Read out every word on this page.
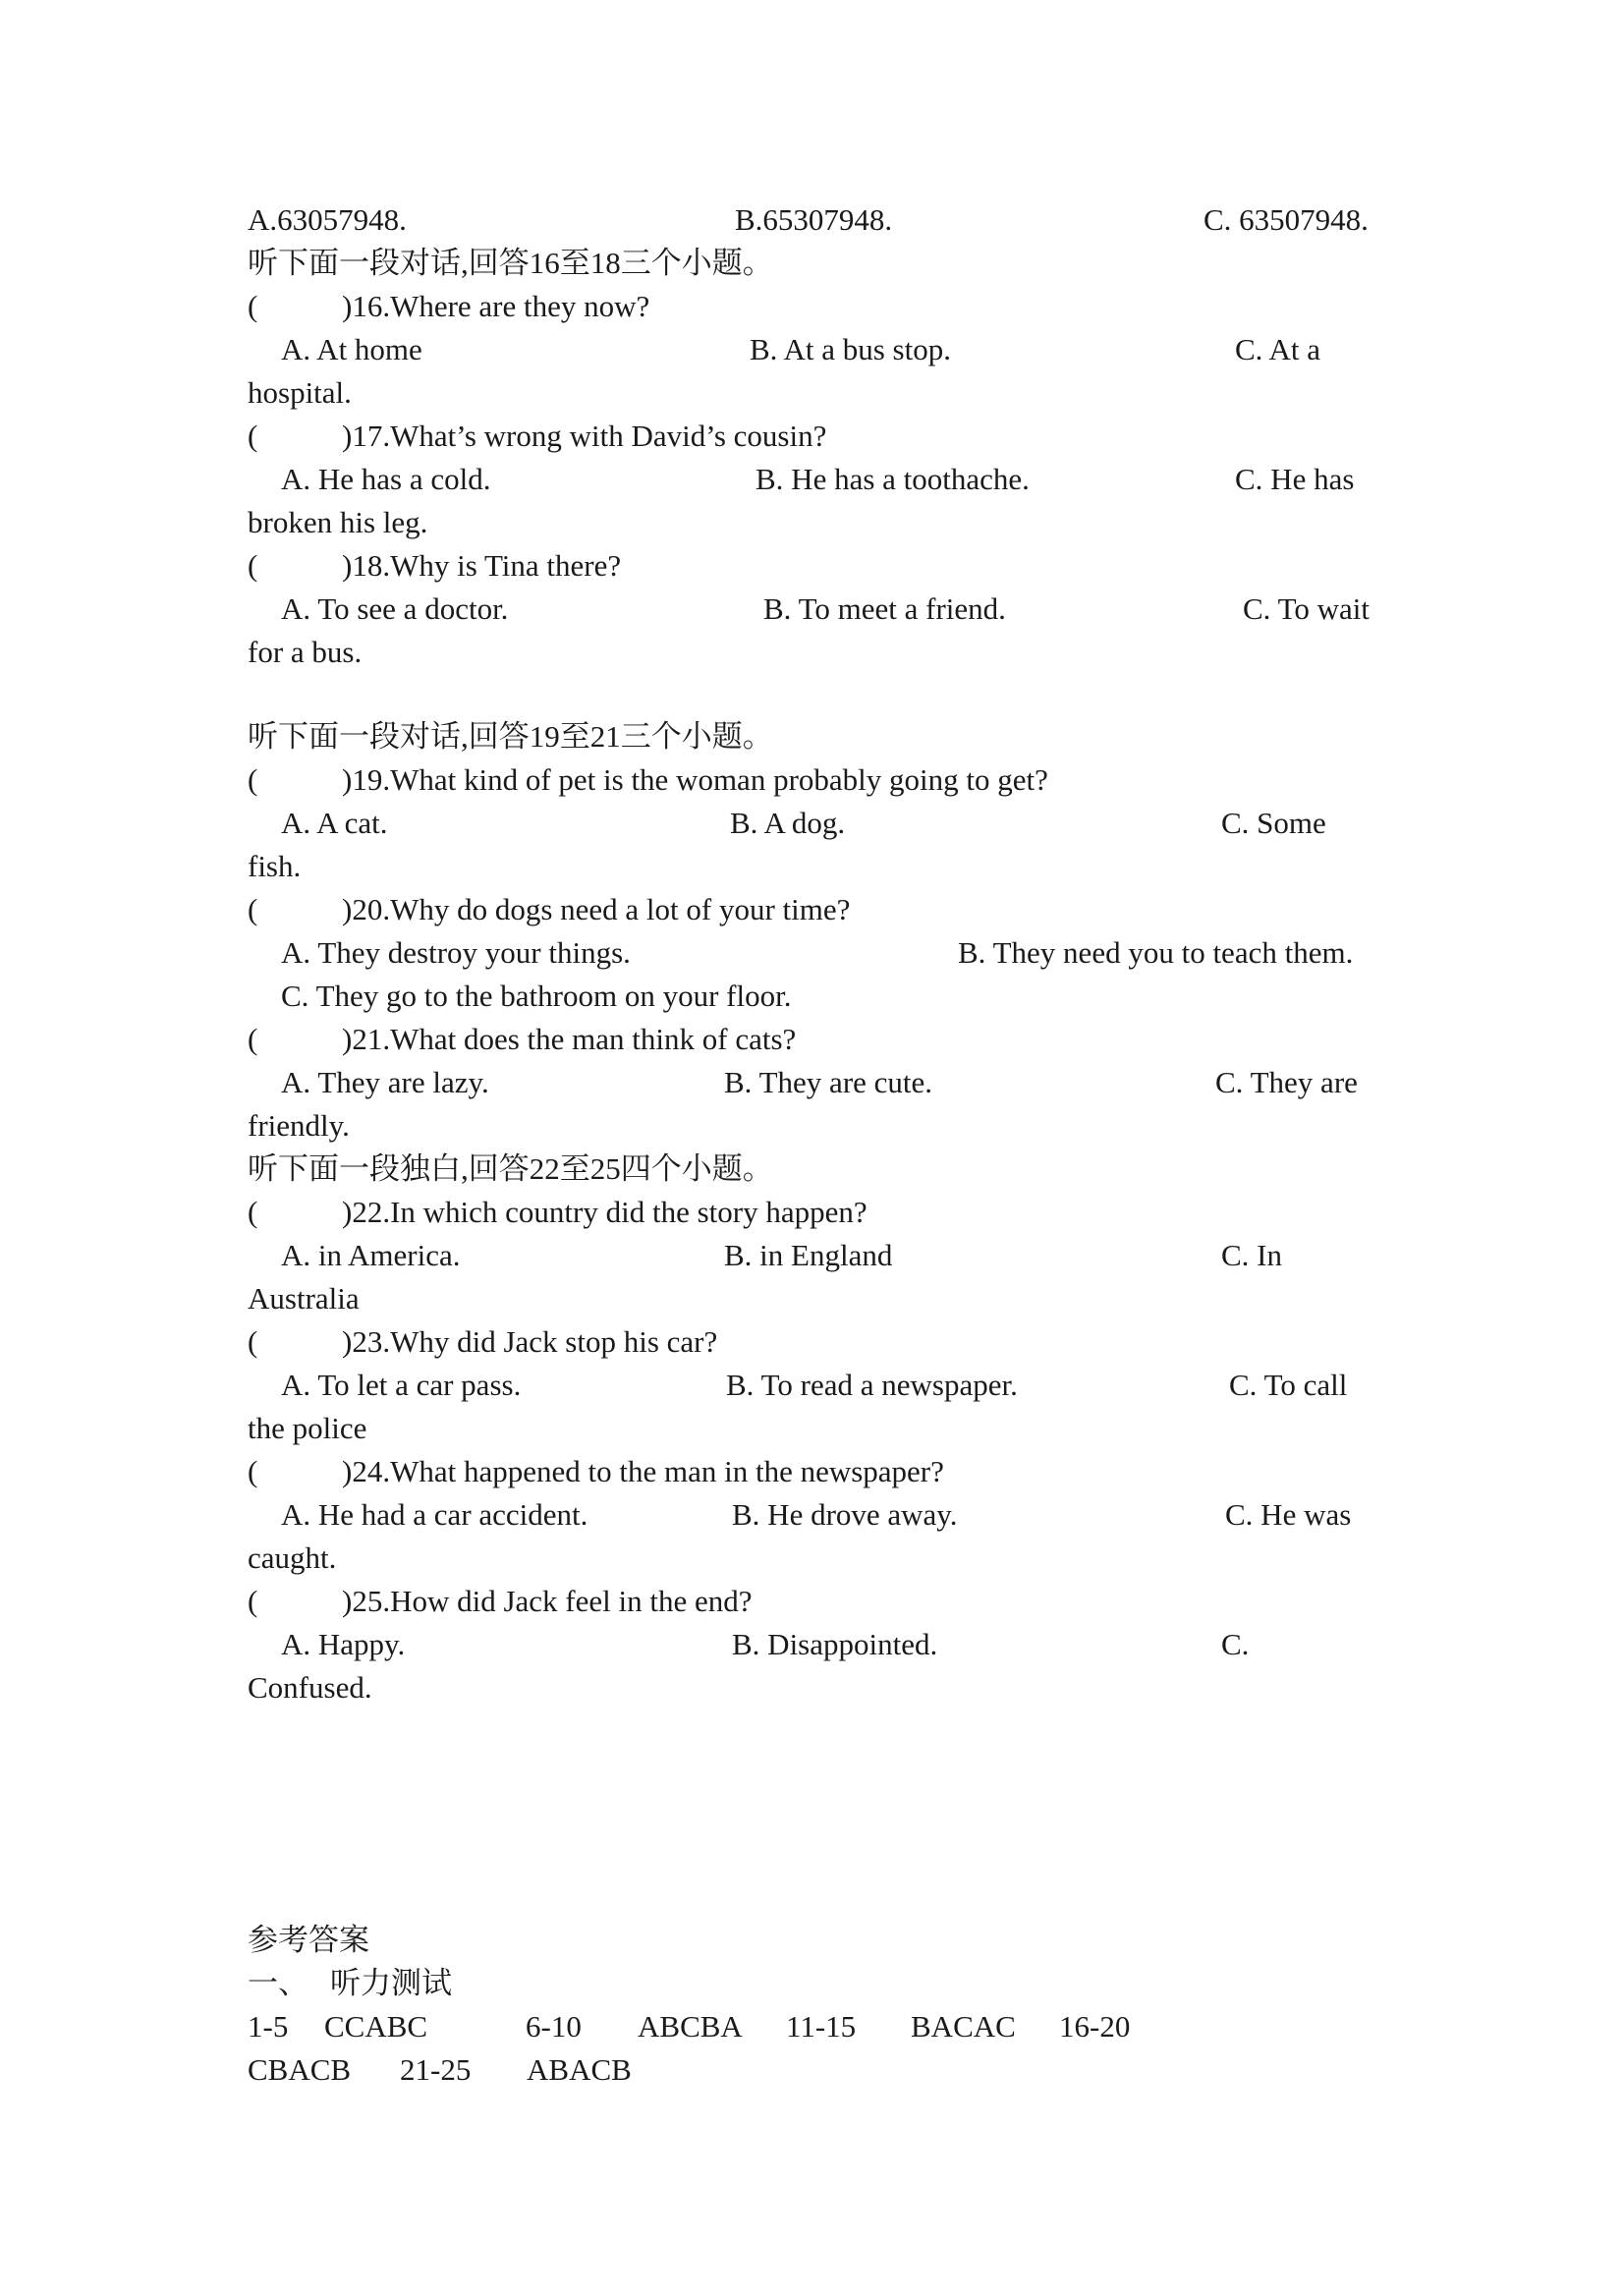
A.63057948.	B.65307948.	C. 63507948.
听下面一段对话,回答16至18三个小题。
(	)16.Where are they now?
A. At home	B. At a bus stop.	C. At a
hospital.
(	)17.What’s wrong with David’s cousin?
A. He has a cold.	B. He has a toothache.	C. He has
broken his leg.
(	)18.Why is Tina there?
A. To see a doctor.	B. To meet a friend.	C. To wait
for a bus.
听下面一段对话,回答19至21三个小题。
(	)19.What kind of pet is the woman probably going to get?
A. A cat.	B. A dog.	C. Some
fish.
(	)20.Why do dogs need a lot of your time?
A. They destroy your things.	B. They need you to teach them.
C. They go to the bathroom on your floor.
(	)21.What does the man think of cats?
A. They are lazy.	B. They are cute.	C. They are
friendly.
听下面一段独白,回答22至25四个小题。
(	)22.In which country did the story happen?
A. in America.	B. in England	C. In
Australia
(	)23.Why did Jack stop his car?
A. To let a car pass.	B. To read a newspaper.	C. To call
the police
(	)24.What happened to the man in the newspaper?
A. He had a car accident.	B. He drove away.	C. He was
caught.
(	)25.How did Jack feel in the end?
A. Happy.	B. Disappointed.	C.
Confused.
参考答案
一、 听力测试
1-5 CCABC	6-10 ABCBA 11-15 BACAC 16-20
CBACB 21-25 ABACB
